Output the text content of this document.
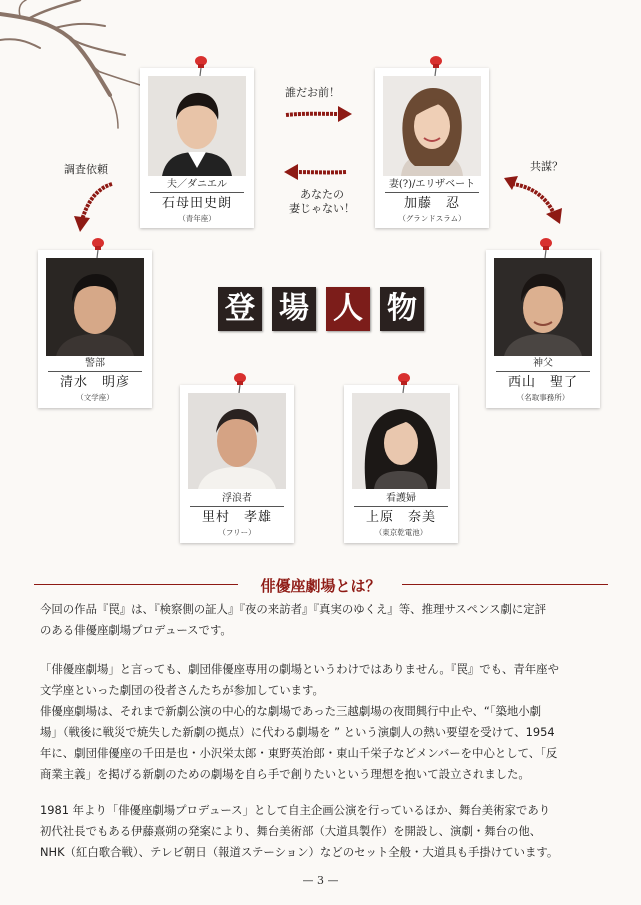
夫／ダニエル
石母田史朗
（青年座）
妻(?)/エリザベート
加藤　忍
（グランドスラム）
警部
清水　明彦
（文学座）
神父
西山　聖了
（名取事務所）
浮浪者
里村　孝雄
（フリー）
看護婦
上原　奈美
（東京乾電池）
誰だお前！
あなたの
妻じゃない！
調査依頼	共謀？
登 場 人 物
俳優座劇場とは？

今回の作品『罠』は、『検察側の証人』『夜の来訪者』『真実のゆくえ』等、推理サスペンス劇に定評

のある俳優座劇場プロデュースです。

「俳優座劇場」と言っても、劇団俳優座専用の劇場というわけではありません。『罠』でも、青年座や

文学座といった劇団の役者さんたちが参加しています。

俳優座劇場は、それまで新劇公演の中心的な劇場であった三越劇場の夜間興行中止や、“「築地小劇

場」（戦後に戦災で焼失した新劇の拠点）に代わる劇場を ” という演劇人の熱い要望を受けて、1954

年に、劇団俳優座の千田是也・小沢栄太郎・東野英治郎・東山千栄子などメンバーを中心として、「反

商業主義」を掲げる新劇のための劇場を自ら手で創りたいという理想を抱いて設立されました。

1981 年より「俳優座劇場プロデュース」として自主企画公演を行っているほか、舞台美術家であり

初代社長でもある伊藤熹朔の発案により、舞台美術部（大道具製作）を開設し、演劇・舞台の他、

NHK（紅白歌合戦）、テレビ朝日（報道ステーション）などのセット全般・大道具も手掛けています。

— 3 —
